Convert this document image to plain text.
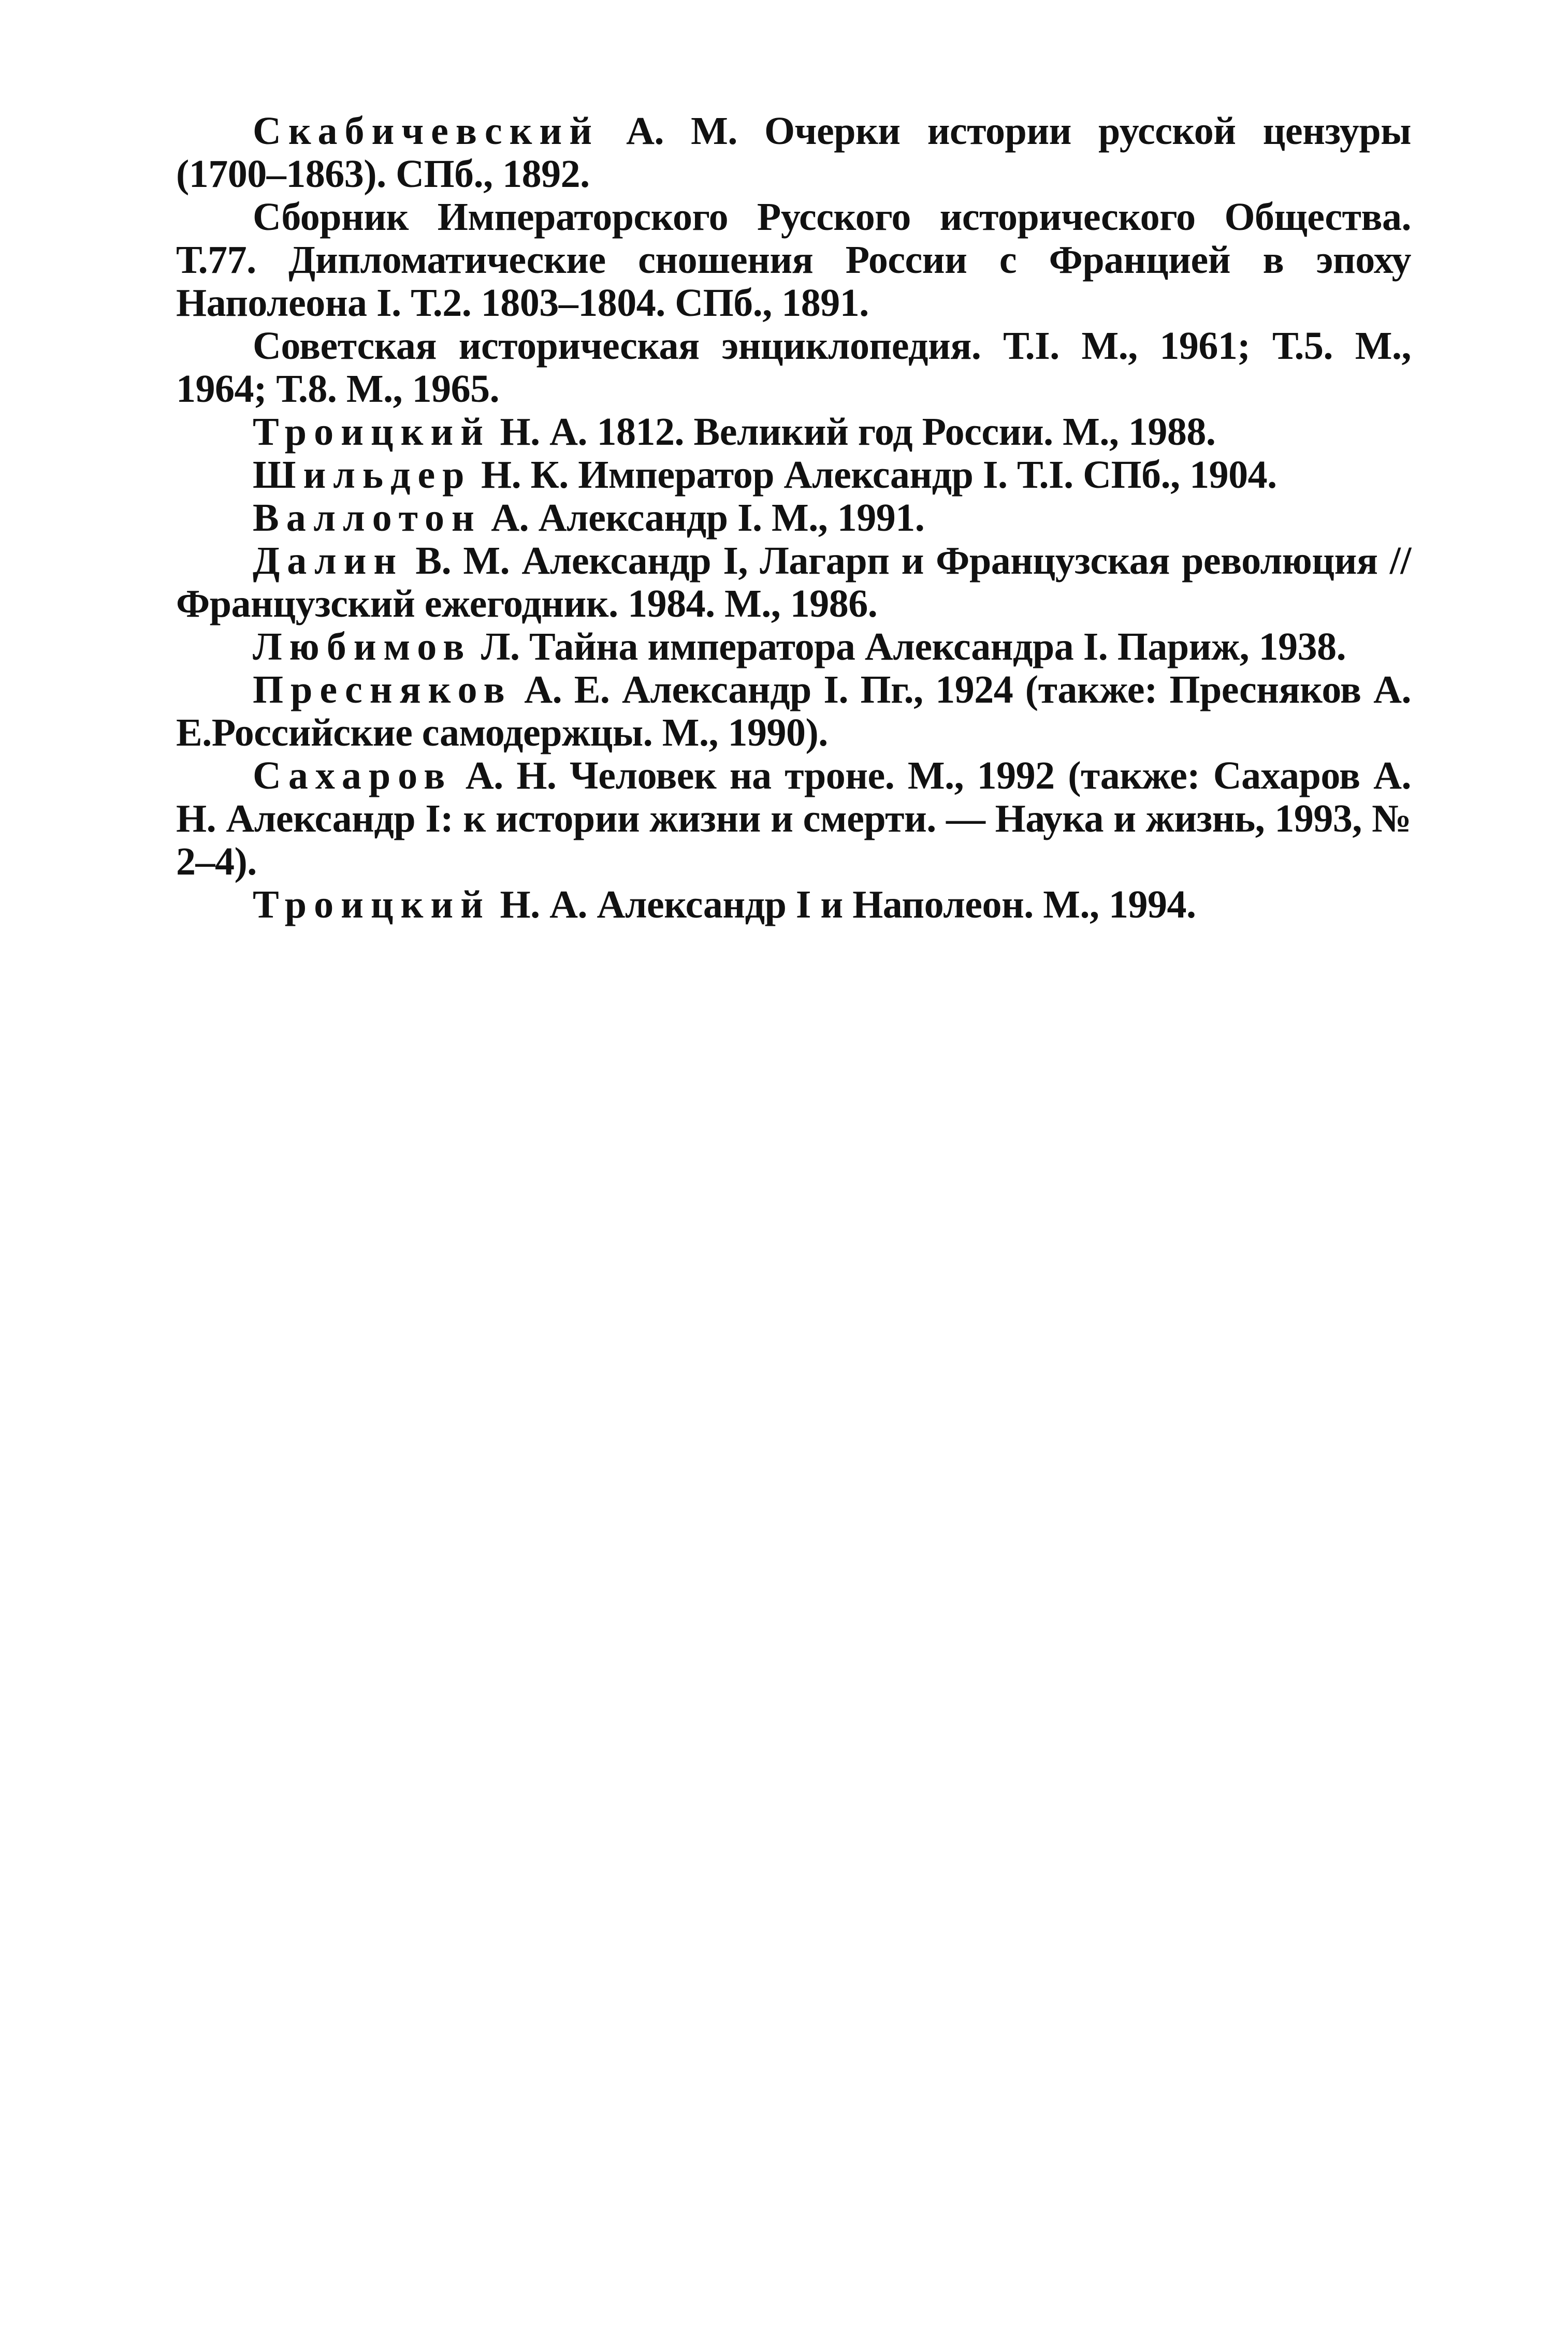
Скабичевский А. М. Очерки истории русской цензуры (1700–1863). СПб., 1892.
Сборник Императорского Русского исторического Общества. Т.77. Дипломатические сношения России с Францией в эпоху Наполеона I. Т.2. 1803–1804. СПб., 1891.
Советская историческая энциклопедия. Т.I. М., 1961; Т.5. М., 1964; Т.8. М., 1965.
Троицкий Н. А. 1812. Великий год России. М., 1988.
Шильдер Н. К. Император Александр I. Т.I. СПб., 1904.
Валлотон А. Александр I. М., 1991.
Далин В. М. Александр I, Лагарп и Французская революция // Французский ежегодник. 1984. М., 1986.
Любимов Л. Тайна императора Александра I. Париж, 1938.
Пресняков А. Е. Александр I. Пг., 1924 (также: Пресняков А. Е.Российские самодержцы. М., 1990).
Сахаров А. Н. Человек на троне. М., 1992 (также: Сахаров А. Н. Александр I: к истории жизни и смерти. — Наука и жизнь, 1993, № 2–4).
Троицкий Н. А. Александр I и Наполеон. М., 1994.
